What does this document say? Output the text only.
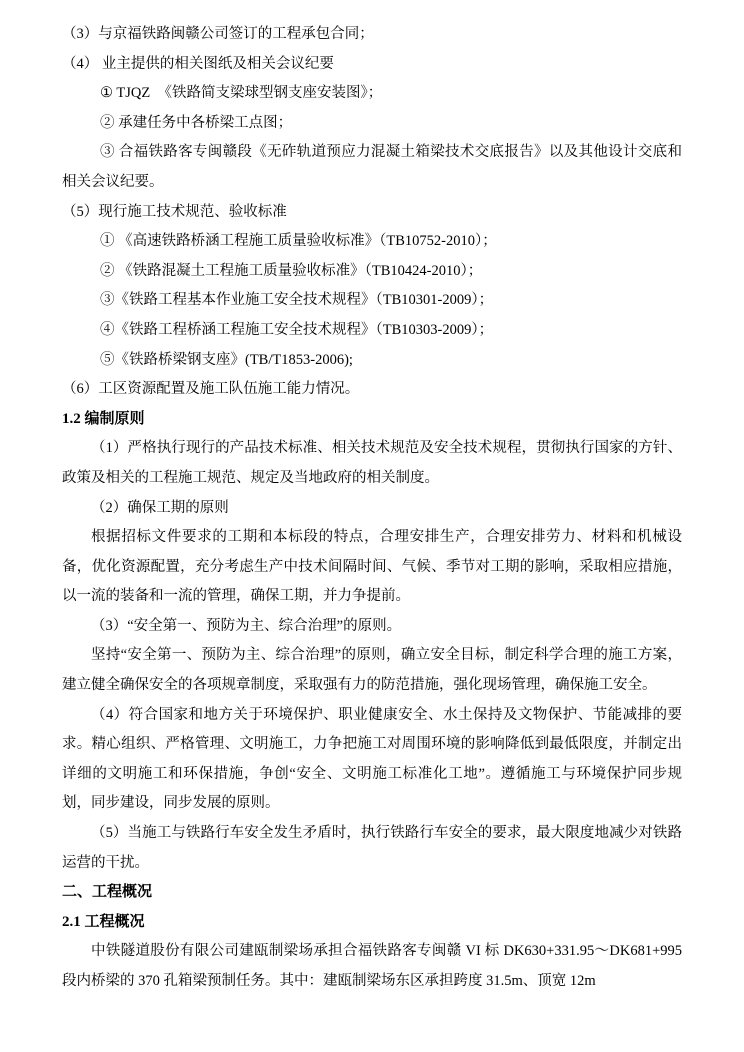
（3）与京福铁路闽赣公司签订的工程承包合同；
（4） 业主提供的相关图纸及相关会议纪要
① TJQZ　《铁路简支梁球型钢支座安装图》；
② 承建任务中各桥梁工点图；
③ 合福铁路客专闽赣段《无砟轨道预应力混凝土箱梁技术交底报告》以及其他设计交底和相关会议纪要。
（5）现行施工技术规范、验收标准
① 《高速铁路桥涵工程施工质量验收标准》（TB10752-2010）；
② 《铁路混凝土工程施工质量验收标准》（TB10424-2010）；
③《铁路工程基本作业施工安全技术规程》（TB10301-2009）；
④《铁路工程桥涵工程施工安全技术规程》（TB10303-2009）；
⑤《铁路桥梁钢支座》(TB/T1853-2006);
（6）工区资源配置及施工队伍施工能力情况。
1.2 编制原则
（1）严格执行现行的产品技术标准、相关技术规范及安全技术规程，贯彻执行国家的方针、政策及相关的工程施工规范、规定及当地政府的相关制度。
（2）确保工期的原则
根据招标文件要求的工期和本标段的特点，合理安排生产，合理安排劳力、材料和机械设备，优化资源配置，充分考虑生产中技术间隔时间、气候、季节对工期的影响，采取相应措施，以一流的装备和一流的管理，确保工期，并力争提前。
（3）“安全第一、预防为主、综合治理”的原则。
坚持“安全第一、预防为主、综合治理”的原则，确立安全目标，制定科学合理的施工方案，建立健全确保安全的各项规章制度，采取强有力的防范措施，强化现场管理，确保施工安全。
（4）符合国家和地方关于环境保护、职业健康安全、水土保持及文物保护、节能减排的要求。精心组织、严格管理、文明施工，力争把施工对周围环境的影响降低到最低限度，并制定出详细的文明施工和环保措施，争创“安全、文明施工标准化工地”。遵循施工与环境保护同步规划，同步建设，同步发展的原则。
（5）当施工与铁路行车安全发生矛盾时，执行铁路行车安全的要求，最大限度地减少对铁路运营的干扰。
二、工程概况
2.1 工程概况
中铁隧道股份有限公司建瓯制梁场承担合福铁路客专闽赣 VI 标 DK630+331.95～DK681+995 段内桥梁的 370 孔箱梁预制任务。其中：建瓯制梁场东区承担跨度 31.5m、顶宽 12m
